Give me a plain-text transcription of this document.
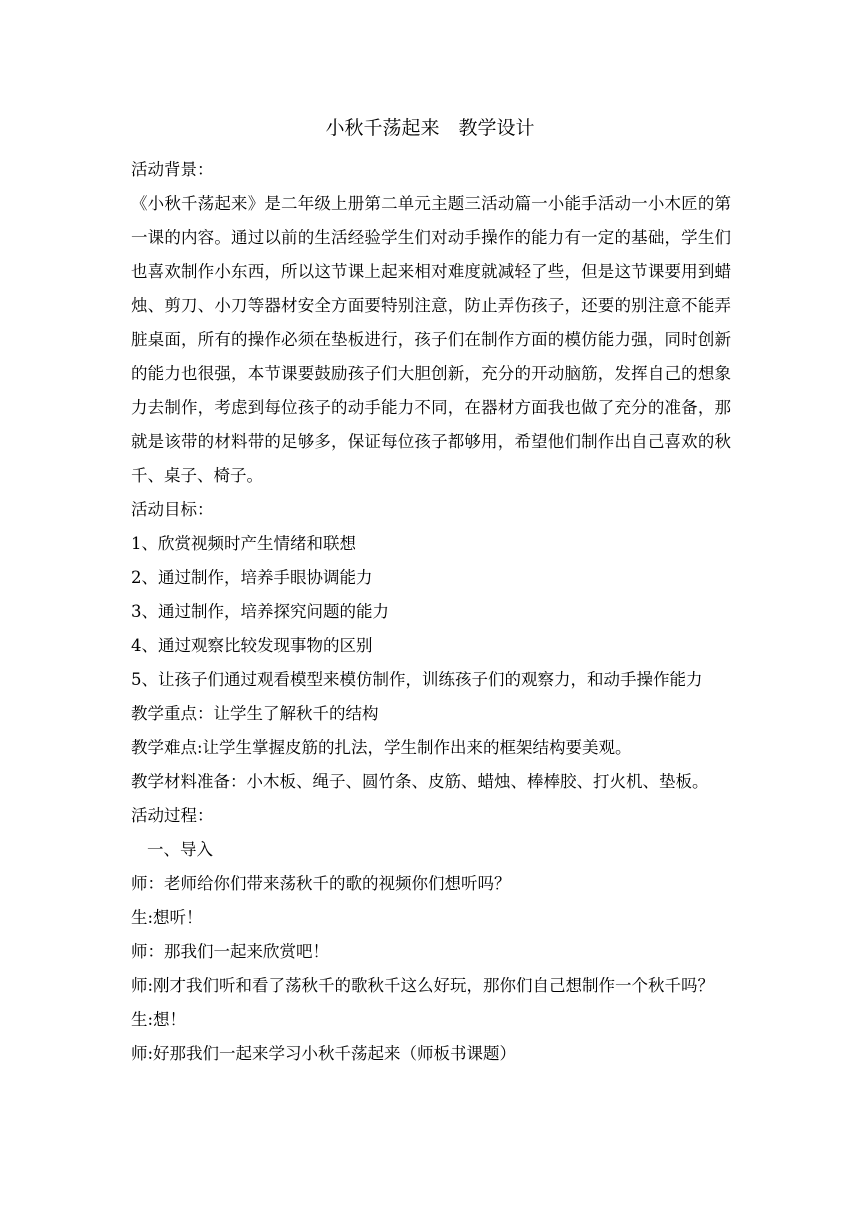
小秋千荡起来　教学设计

活动背景：

《小秋千荡起来》是二年级上册第二单元主题三活动篇一小能手活动一小木匠的第一课的内容。通过以前的生活经验学生们对动手操作的能力有一定的基础，学生们也喜欢制作小东西，所以这节课上起来相对难度就减轻了些，但是这节课要用到蜡烛、剪刀、小刀等器材安全方面要特别注意，防止弄伤孩子，还要的别注意不能弄脏桌面，所有的操作必须在垫板进行，孩子们在制作方面的模仿能力强，同时创新的能力也很强，本节课要鼓励孩子们大胆创新，充分的开动脑筋，发挥自己的想象力去制作，考虑到每位孩子的动手能力不同，在器材方面我也做了充分的准备，那就是该带的材料带的足够多，保证每位孩子都够用，希望他们制作出自己喜欢的秋千、桌子、椅子。

活动目标：

1、欣赏视频时产生情绪和联想

2、通过制作，培养手眼协调能力

3、通过制作，培养探究问题的能力

4、通过观察比较发现事物的区别

5、让孩子们通过观看模型来模仿制作，训练孩子们的观察力，和动手操作能力

教学重点：让学生了解秋千的结构

教学难点:让学生掌握皮筋的扎法，学生制作出来的框架结构要美观。

教学材料准备：小木板、绳子、圆竹条、皮筋、蜡烛、棒棒胶、打火机、垫板。

活动过程：

一、导入

师：老师给你们带来荡秋千的歌的视频你们想听吗？

生:想听！

师：那我们一起来欣赏吧！

师:刚才我们听和看了荡秋千的歌秋千这么好玩，那你们自己想制作一个秋千吗？

生:想！

师:好那我们一起来学习小秋千荡起来（师板书课题）
